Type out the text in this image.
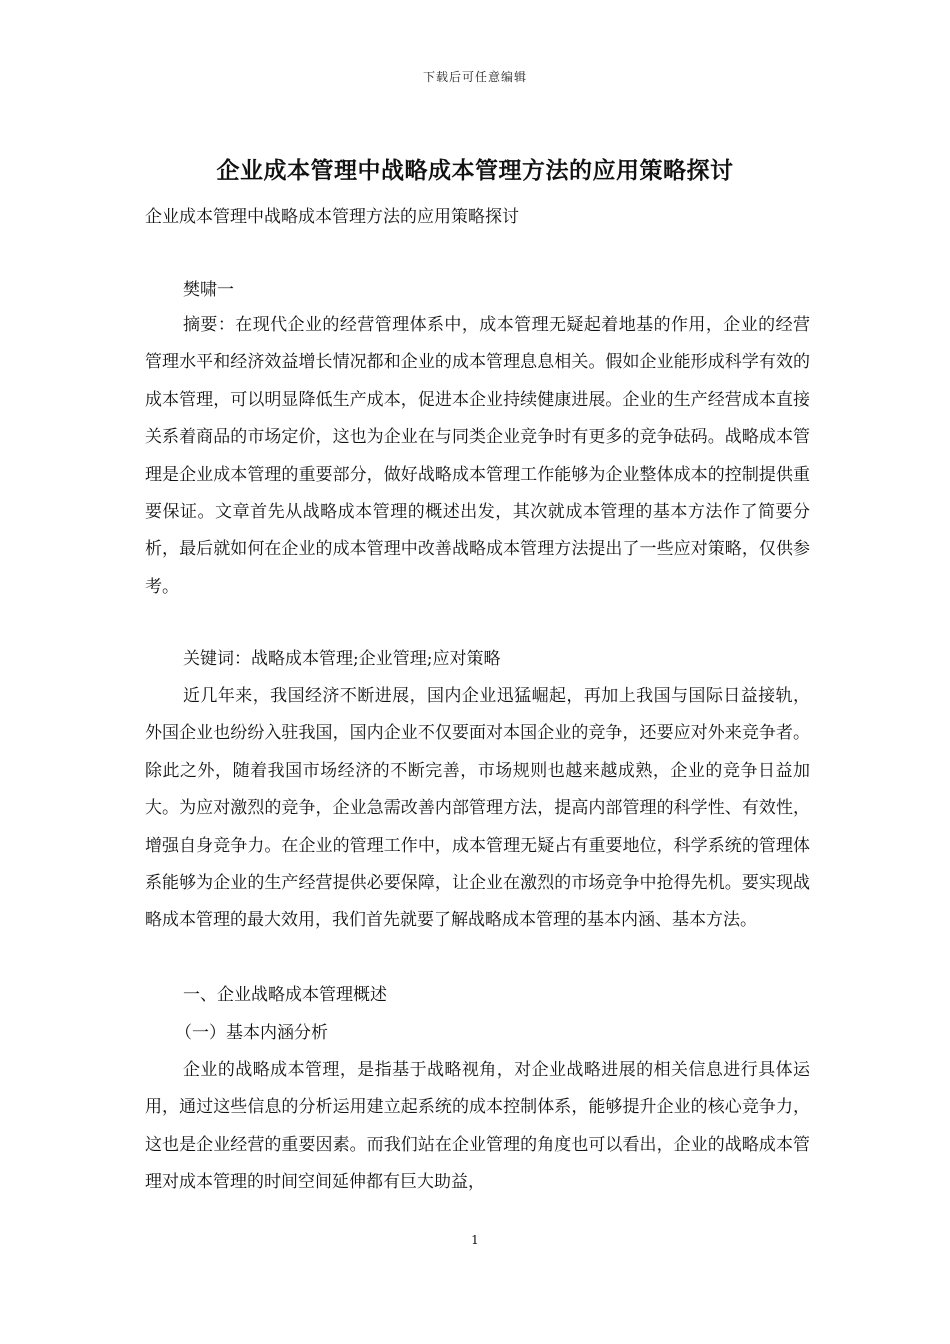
下载后可任意编辑
企业成本管理中战略成本管理方法的应用策略探讨
企业成本管理中战略成本管理方法的应用策略探讨
樊啸一

摘要：在现代企业的经营管理体系中，成本管理无疑起着地基的作用，企业的经营管理水平和经济效益增长情况都和企业的成本管理息息相关。假如企业能形成科学有效的成本管理，可以明显降低生产成本，促进本企业持续健康进展。企业的生产经营成本直接关系着商品的市场定价，这也为企业在与同类企业竞争时有更多的竞争砝码。战略成本管理是企业成本管理的重要部分，做好战略成本管理工作能够为企业整体成本的控制提供重要保证。文章首先从战略成本管理的概述出发，其次就成本管理的基本方法作了简要分析，最后就如何在企业的成本管理中改善战略成本管理方法提出了一些应对策略，仅供参考。

关键词：战略成本管理;企业管理;应对策略

近几年来，我国经济不断进展，国内企业迅猛崛起，再加上我国与国际日益接轨，外国企业也纷纷入驻我国，国内企业不仅要面对本国企业的竞争，还要应对外来竞争者。除此之外，随着我国市场经济的不断完善，市场规则也越来越成熟，企业的竞争日益加大。为应对激烈的竞争，企业急需改善内部管理方法，提高内部管理的科学性、有效性，增强自身竞争力。在企业的管理工作中，成本管理无疑占有重要地位，科学系统的管理体系能够为企业的生产经营提供必要保障，让企业在激烈的市场竞争中抢得先机。要实现战略成本管理的最大效用，我们首先就要了解战略成本管理的基本内涵、基本方法。

一、企业战略成本管理概述

（一）基本内涵分析

企业的战略成本管理，是指基于战略视角，对企业战略进展的相关信息进行具体运用，通过这些信息的分析运用建立起系统的成本控制体系，能够提升企业的核心竞争力，这也是企业经营的重要因素。而我们站在企业管理的角度也可以看出，企业的战略成本管理对成本管理的时间空间延伸都有巨大助益，

1
